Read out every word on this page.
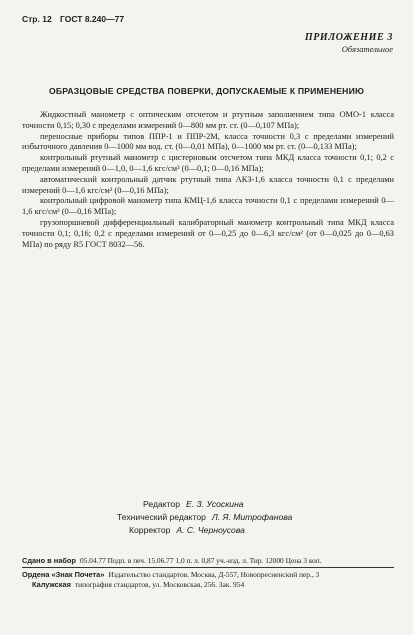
Стр. 12 ГОСТ 8.240—77
ПРИЛОЖЕНИЕ 3
Обязательное
ОБРАЗЦОВЫЕ СРЕДСТВА ПОВЕРКИ, ДОПУСКАЕМЫЕ К ПРИМЕНЕНИЮ

Жидкостный манометр с оптическим отсчетом и ртутным заполнением типа ОМО-1 класса точности 0,15; 0,30 с пределами измерений 0—800 мм рт. ст. (0—0,107 МПа);

переносные приборы типов ППР-1 и ППР-2М, класса точности 0,3 с пределами измерений избыточного давления 0—1000 мм вод. ст. (0—0,01 МПа), 0—1000 мм рт. ст. (0—0,133 МПа);

контрольный ртутный манометр с цистерновым отсчетом типа МКД класса точности 0,1; 0,2 с пределами измерений 0—1,0, 0—1,6 кгс/см² (0—0,1; 0—0,16 МПа);

автоматический контрольный датчик ртутный типа АКЗ-1,6 класса точности 0,1 с пределами измерений 0—1,6 кгс/см² (0—0,16 МПа);

контрольный цифровой манометр типа КМЦ-1,6 класса точности 0,1 с пределами измерений 0—1,6 кгс/см² (0—0,16 МПа);

грузопоршневой дифференциальный калибраторный манометр контрольный типа МКД класса точности 0,1; 0,16; 0,2 с пределами измерений от 0—0,25 до 0—6,3 кгс/см² (от 0—0,025 до 0—0,63 МПа) по ряду R5 ГОСТ 8032—56.

Редактор Е. З. Усоскина
Технический редактор Л. Я. Митрофанова
Корректор А. С. Черноусова
Сдано в набор 05.04.77 Подп. в печ. 15.06.77 1,0 п. л. 0,87 уч.-изд. л. Тир. 12000 Цена 3 коп.
Ордена «Знак Почета» Издательство стандартов. Москва, Д-557, Новопресненский пер., 3
Калужская типография стандартов, ул. Московская, 256. Зак. 954
